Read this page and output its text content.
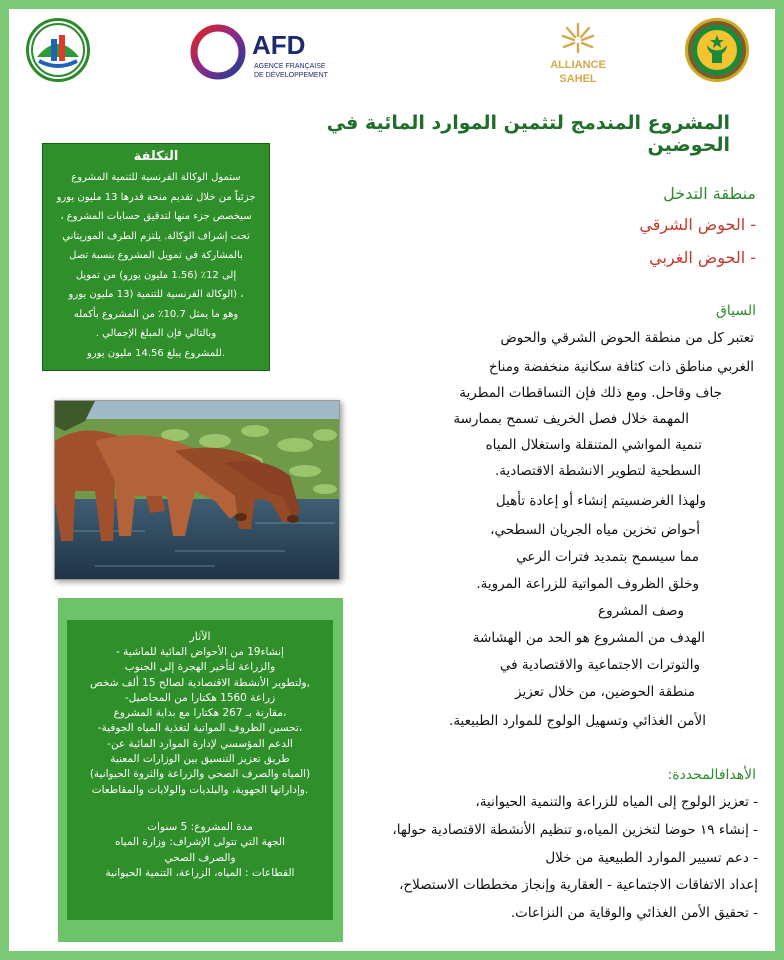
AFD
AGENCE FRANÇAISE
DE DÉVELOPPEMENT
ALLIANCE
SAHEL
المشروع المندمج لتثمين الموارد المائية في الحوضين
التكلفة
ستمول الوكالة الفرنسية للتنمية المشروع
جزئياً من خلال تقديم منحة قدرها 13 مليون يورو
سيخصص جزء منها لتدقيق حسابات المشروع ،
تحت إشراف الوكالة. يلتزم الطرف الموريتاني
بالمشاركة في تمويل المشروع بنسبة تصل
إلى 12٪ (1.56 مليون يورو) من تمويل
، (الوكالة الفرنسية للتنمية (13 مليون يورو
وهو ما يمثل 10.7٪ من المشروع بأكمله
وبالتالي فإن المبلغ الإجمالي .
.للمشروع يبلغ 14.56 مليون يورو
الآثار
إنشاء19 من الأحواض المائية للماشية -
والزراعة لتأخير الهجرة إلى الجنوب
,ولتطوير الأنشطة الاقتصادية لصالح 15 ألف شخص
زراعة 1560 هكتارا من المحاصيل-
،مقارنة بـ 267 هكتارا مع بداية المشروع
،تحسين الظروف المواتية لتغذية المياه الجوفية-
الدعم المؤسسي لإدارة الموارد المائية عن-
طريق تعزيز التنسيق بين الوزارات المعنية
(المياه والصرف الصحي والزراعة والثروة الحيوانية)
.وإداراتها الجهوية، والبلديات والولايات والمقاطعات
مدة المشروع: 5 سنوات
الجهة التي تتولى الإشراف: وزارة المياه
والصرف الصحي
القطاعات : المياه، الزراعة، التنمية الحيوانية
منطقة التدخل
- الحوض الشرقي
- الحوض الغربي
السياق
تعتبر كل من منطقة الحوض الشرقي والحوض
الغربي مناطق ذات كثافة سكانية منخفضة ومناخ
جاف وقاحل. ومع ذلك فإن التساقطات المطرية
المهمة خلال فصل الخريف تسمح بممارسة
تنمية المواشي المتنقلة واستغلال المياه
السطحية لتطوير الانشطة الاقتصادية.
ولهذا الغرضسيتم إنشاء أو إعادة تأهيل
أحواض تخزين مياه الجريان السطحي،
مما سيسمح بتمديد فترات الرعي
وخلق الظروف المواتية للزراعة المروية.
وصف المشروع
الهدف من المشروع هو الحد من الهشاشة
والتوترات الاجتماعية والاقتصادية في
منطقة الحوضين، من خلال تعزيز
الأمن الغذائي وتسهيل الولوج للموارد الطبيعية.
الأهدافالمحددة:
- تعزيز الولوج إلى المياه للزراعة والتنمية الحيوانية،
- إنشاء ١٩ حوضا لتخزين المياه،و تنظيم الأنشطة الاقتصادية حولها،
- دعم تسيير الموارد الطبيعية من خلال
إعداد الاتفاقات الاجتماعية - العقارية وإنجاز مخططات الاستصلاح،
- تحقيق الأمن الغذائي والوقاية من النزاعات.
